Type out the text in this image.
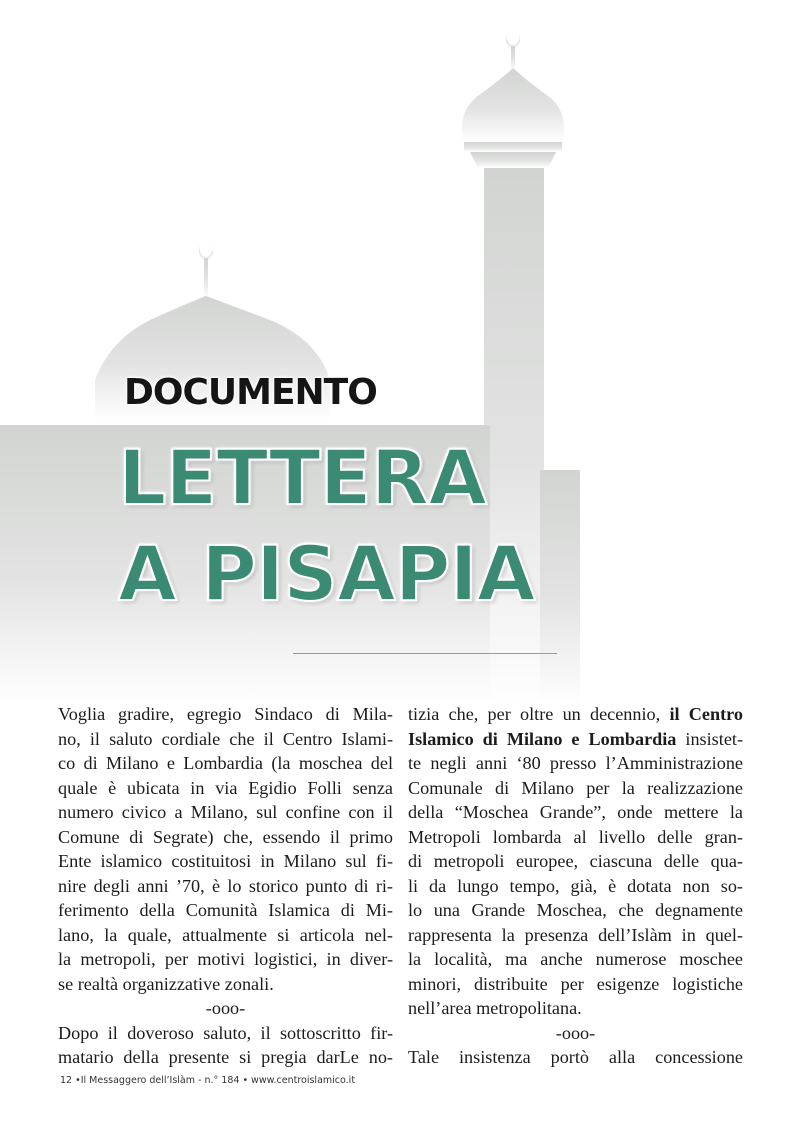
DOCUMENTO
LETTERA
A PISAPIA
Voglia gradire, egregio Sindaco di Mila-
no, il saluto cordiale che il Centro Islami-
co di Milano e Lombardia (la moschea del
quale è ubicata in via Egidio Folli senza
numero civico a Milano, sul confine con il
Comune di Segrate) che, essendo il primo
Ente islamico costituitosi in Milano sul fi-
nire degli anni ’70, è lo storico punto di ri-
ferimento della Comunità Islamica di Mi-
lano, la quale, attualmente si articola nel-
la metropoli, per motivi logistici, in diver-
se realtà organizzative zonali.
-ooo-
Dopo il doveroso saluto, il sottoscritto fir-
matario della presente si pregia darLe no-
tizia che, per oltre un decennio, il Centro
Islamico di Milano e Lombardia insistet-
te negli anni ‘80 presso l’Amministrazione
Comunale di Milano per la realizzazione
della “Moschea Grande”, onde mettere la
Metropoli lombarda al livello delle gran-
di metropoli europee, ciascuna delle qua-
li da lungo tempo, già, è dotata non so-
lo una Grande Moschea, che degnamente
rappresenta la presenza dell’Islàm in quel-
la località, ma anche numerose moschee
minori, distribuite per esigenze logistiche
nell’area metropolitana.
-ooo-
Tale insistenza portò alla concessione
12 •Il Messaggero dell’Islàm - n.° 184 • www.centroislamico.it
